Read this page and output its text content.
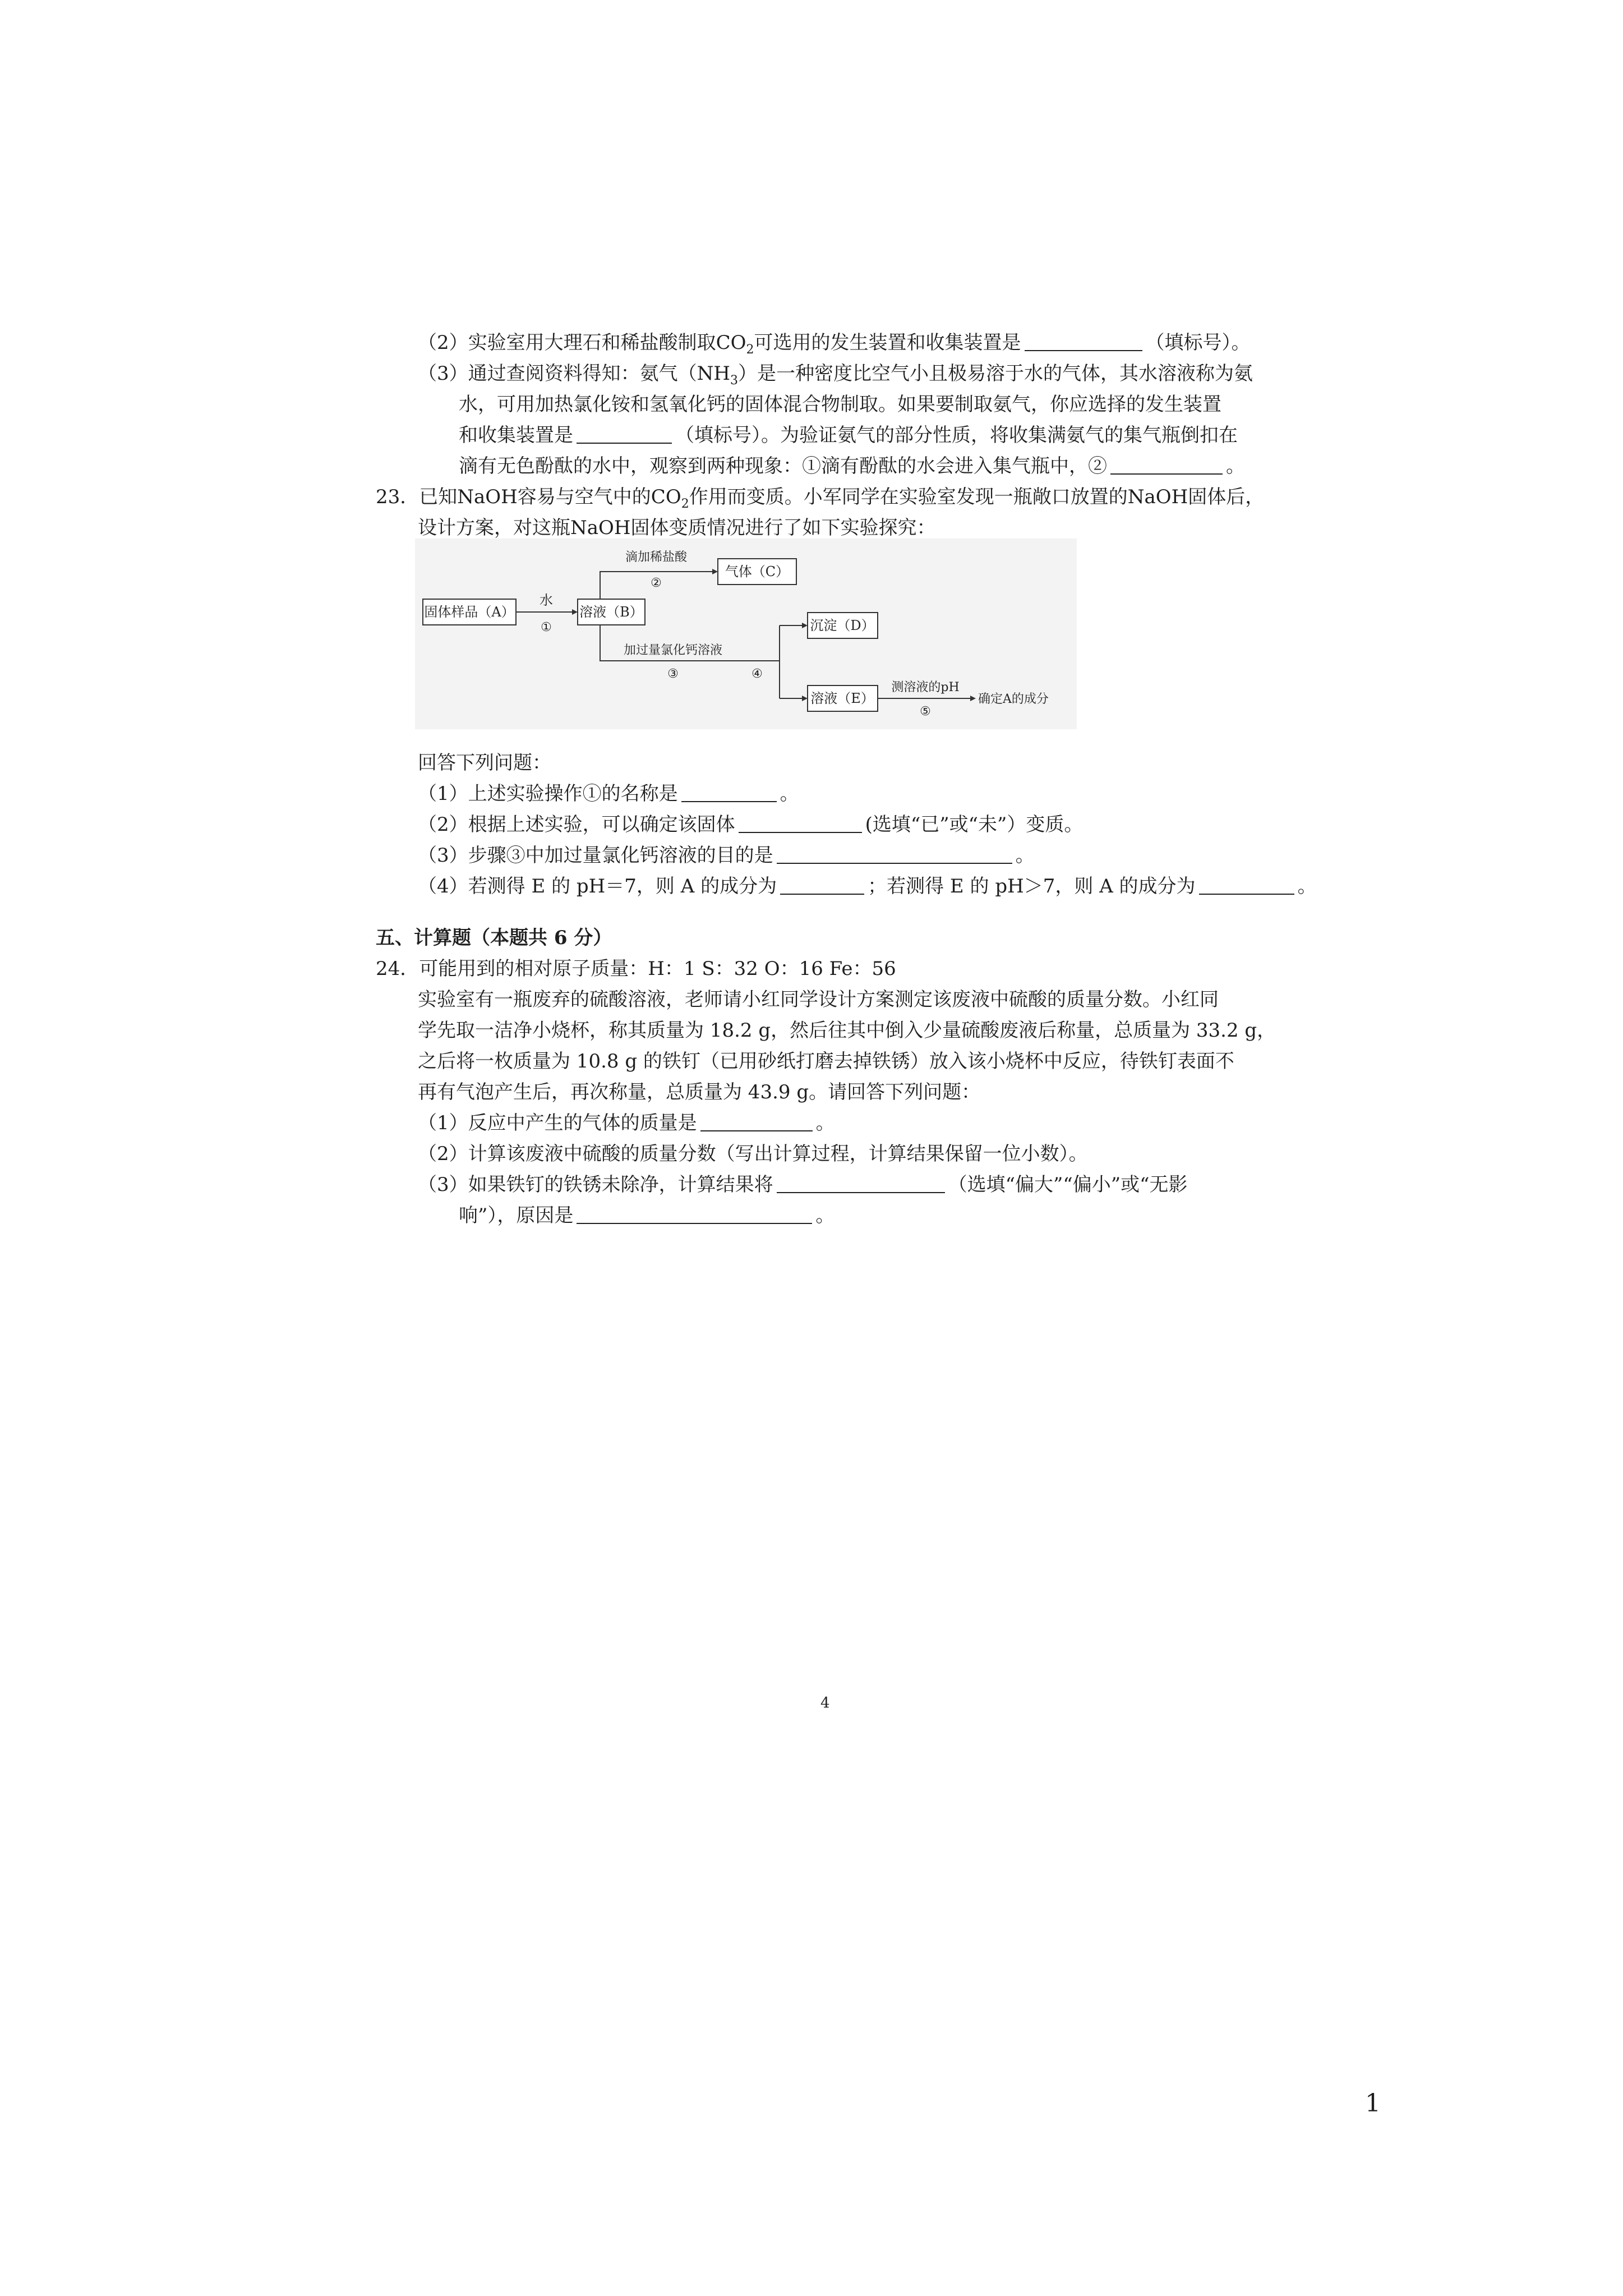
（2）实验室用大理石和稀盐酸制取$CO_2$可选用的发生装置和收集装置是	（填标号）。
（3）通过查阅资料得知：氨气$(NH_3)$是一种密度比空气小且极易溶于水的气体，其水溶液称为氨
水，可用加热氯化铵和氢氧化钙的固体混合物制取。如果要制取氨气，你应选择的发生装置
和收集装置是	（填标号）。为验证氨气的部分性质，将收集满氨气的集气瓶倒扣在
滴有无色酚酞的水中，观察到两种现象：①滴有酚酞的水会进入集气瓶中，②	。
23．已知NaOH容易与空气中的$CO_2$作用而变质。小军同学在实验室发现一瓶敞口放置的NaOH固体后，
设计方案，对这瓶NaOH固体变质情况进行了如下实验探究：
固体样品（A）	溶液（B）
气体（C）
沉淀（D）
溶液（E）
水
①
滴加稀盐酸
②
加过量氯化钙溶液
③	④
测溶液的pH
⑤
确定A的成分
回答下列问题：
（1）上述实验操作①的名称是	。
（2）根据上述实验，可以确定该固体	(选填“已”或“未”）变质。
（3）步骤③中加过量氯化钙溶液的目的是	。
（4）若测得 E 的 pH＝7，则 A 的成分为	；若测得 E 的 pH＞7，则 A 的成分为	。
五、计算题（本题共 6 分）
24．可能用到的相对原子质量：H：1 S：32 O：16 Fe：56
实验室有一瓶废弃的硫酸溶液，老师请小红同学设计方案测定该废液中硫酸的质量分数。小红同
学先取一洁净小烧杯，称其质量为 18.2 g，然后往其中倒入少量硫酸废液后称量，总质量为 33.2 g，
之后将一枚质量为 10.8 g 的铁钉（已用砂纸打磨去掉铁锈）放入该小烧杯中反应，待铁钉表面不
再有气泡产生后，再次称量，总质量为 43.9 g。请回答下列问题：
（1）反应中产生的气体的质量是	。
（2）计算该废液中硫酸的质量分数（写出计算过程，计算结果保留一位小数）。
（3）如果铁钉的铁锈未除净，计算结果将	（选填“偏大”“偏小”或“无影
响”），原因是	。
4
1
